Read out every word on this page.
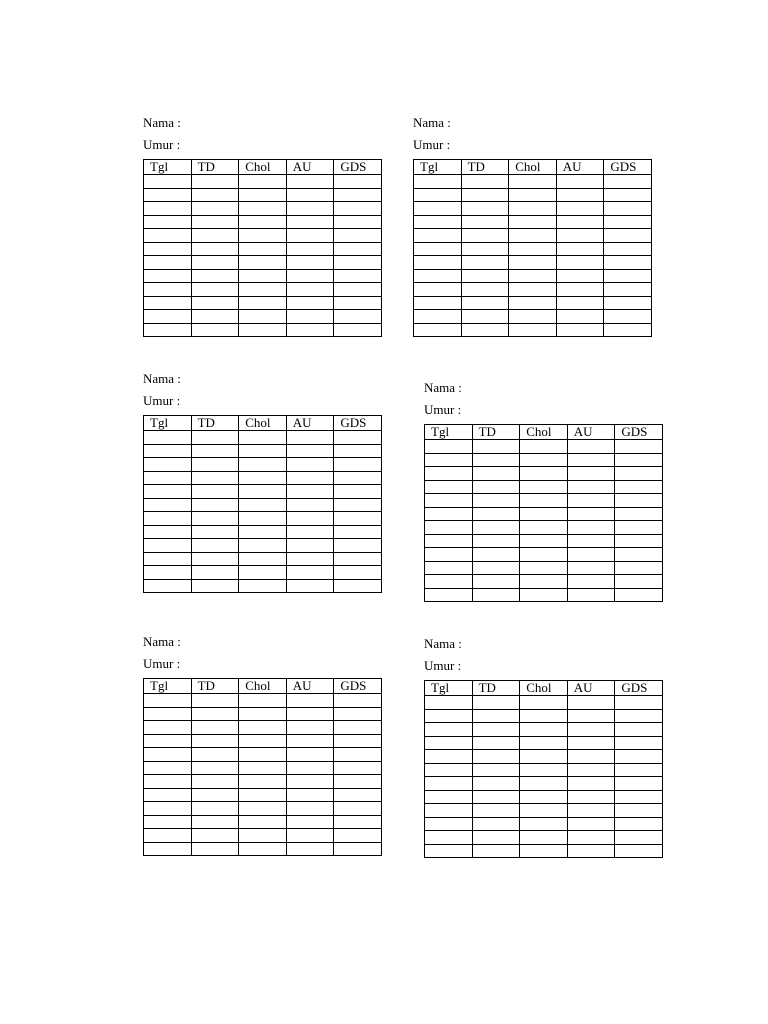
Nama :
Umur :
Tgl	TD	Chol	AU	GDS

Nama :
Umur :
Tgl	TD	Chol	AU	GDS

Nama :
Umur :
Tgl	TD	Chol	AU	GDS

Nama :
Umur :
Tgl	TD	Chol	AU	GDS

Nama :
Umur :
Tgl	TD	Chol	AU	GDS

Nama :
Umur :
Tgl	TD	Chol	AU	GDS
